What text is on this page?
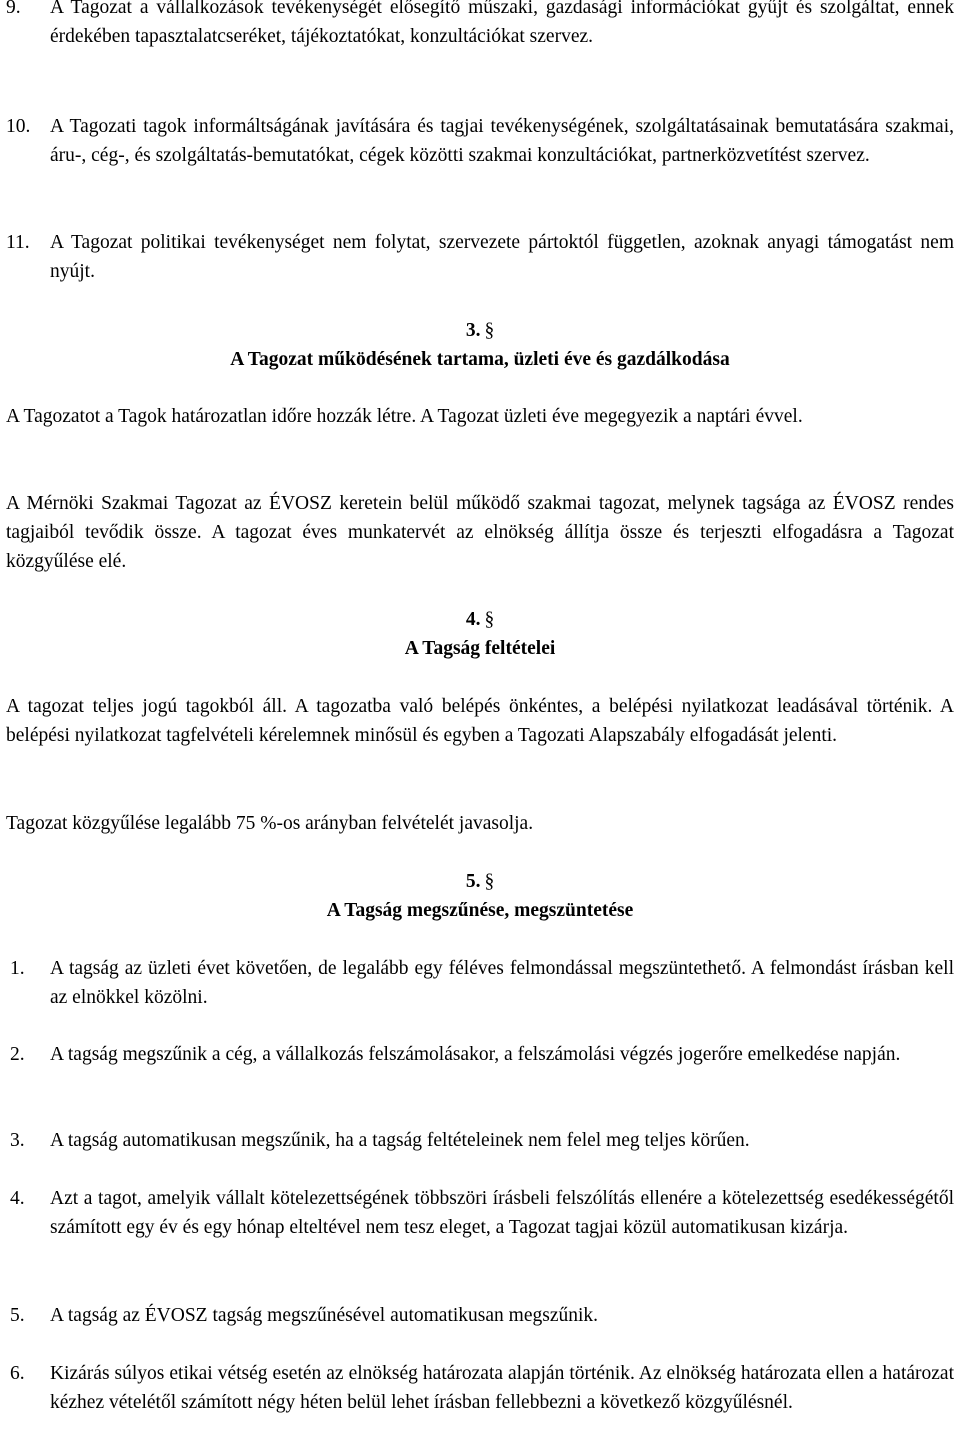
9. A Tagozat a vállalkozások tevékenységét elősegítő műszaki, gazdasági információkat gyűjt és szolgáltat, ennek érdekében tapasztalatcseréket, tájékoztatókat, konzultációkat szervez.
10. A Tagozati tagok informáltságának javítására és tagjai tevékenységének, szolgáltatásainak bemutatására szakmai, áru-, cég-, és szolgáltatás-bemutatókat, cégek közötti szakmai konzultációkat, partnerközvetítést szervez.
11. A Tagozat politikai tevékenységet nem folytat, szervezete pártoktól független, azoknak anyagi támogatást nem nyújt.
3. §
A Tagozat működésének tartama, üzleti éve és gazdálkodása
A Tagozatot a Tagok határozatlan időre hozzák létre. A Tagozat üzleti éve megegyezik a naptári évvel.
A Mérnöki Szakmai Tagozat az ÉVOSZ keretein belül működő szakmai tagozat, melynek tagsága az ÉVOSZ rendes tagjaiból tevődik össze. A tagozat éves munkatervét az elnökség állítja össze és terjeszti elfogadásra a Tagozat közgyűlése elé.
4. §
A Tagság feltételei
A tagozat teljes jogú tagokból áll. A tagozatba való belépés önkéntes, a belépési nyilatkozat leadásával történik. A belépési nyilatkozat tagfelvételi kérelemnek minősül és egyben a Tagozati Alapszabály elfogadását jelenti.
Tagozat közgyűlése legalább 75 %-os arányban felvételét javasolja.
5. §
A Tagság megszűnése, megszüntetése
1. A tagság az üzleti évet követően, de legalább egy féléves felmondással megszüntethető. A felmondást írásban kell az elnökkel közölni.
2. A tagság megszűnik a cég, a vállalkozás felszámolásakor, a felszámolási végzés jogerőre emelkedése napján.
3. A tagság automatikusan megszűnik, ha a tagság feltételeinek nem felel meg teljes körűen.
4. Azt a tagot, amelyik vállalt kötelezettségének többszöri írásbeli felszólítás ellenére a kötelezettség esedékességétől számított egy év és egy hónap elteltével nem tesz eleget, a Tagozat tagjai közül automatikusan kizárja.
5. A tagság az ÉVOSZ tagság megszűnésével automatikusan megszűnik.
6. Kizárás súlyos etikai vétség esetén az elnökség határozata alapján történik. Az elnökség határozata ellen a határozat kézhez vételétől számított négy héten belül lehet írásban fellebbezni a következő közgyűlésnél.
